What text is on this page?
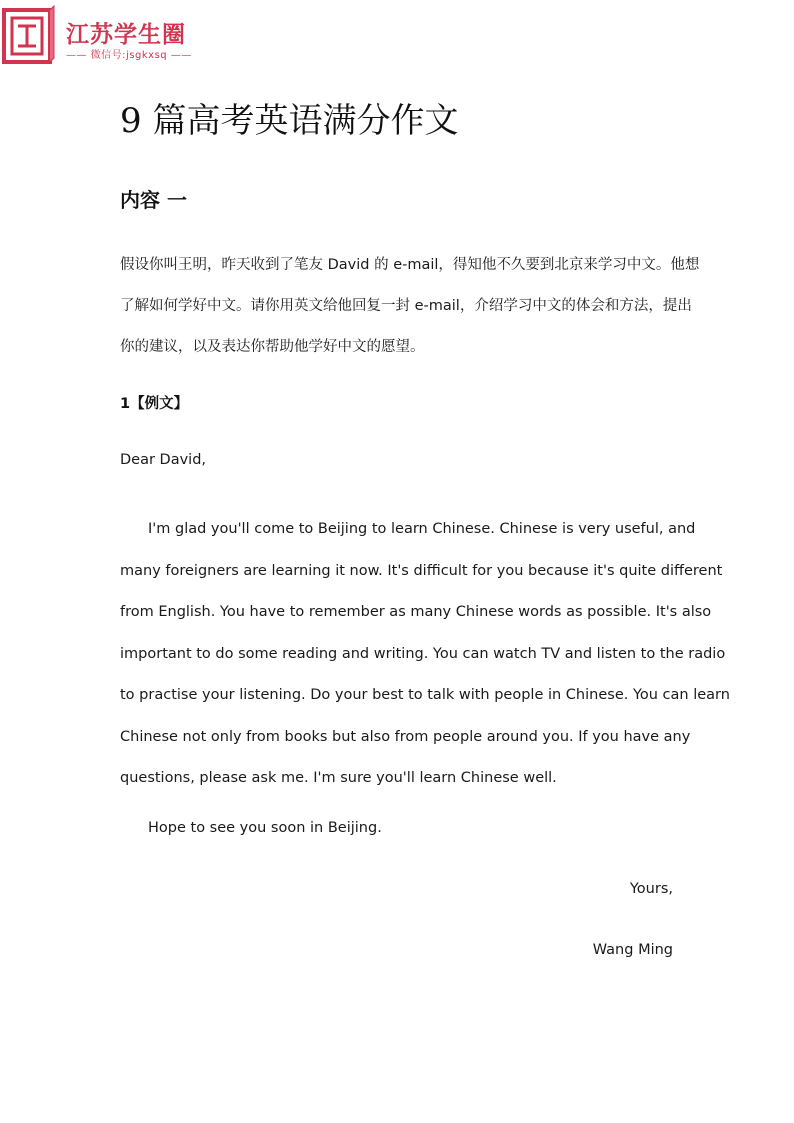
江苏学生圈
—— 微信号:jsgkxsq ——
9 篇高考英语满分作文
内容 一
假设你叫王明，昨天收到了笔友 David 的 e-mail，得知他不久要到北京来学习中文。他想
了解如何学好中文。请你用英文给他回复一封 e-mail，介绍学习中文的体会和方法，提出
你的建议，以及表达你帮助他学好中文的愿望。
1【例文】
Dear David,
I'm glad you'll come to Beijing to learn Chinese. Chinese is very useful, and
many foreigners are learning it now. It's difficult for you because it's quite different
from English. You have to remember as many Chinese words as possible. It's also
important to do some reading and writing. You can watch TV and listen to the radio
to practise your listening. Do your best to talk with people in Chinese. You can learn
Chinese not only from books but also from people around you. If you have any
questions, please ask me. I'm sure you'll learn Chinese well.
Hope to see you soon in Beijing.
Yours,
Wang Ming
